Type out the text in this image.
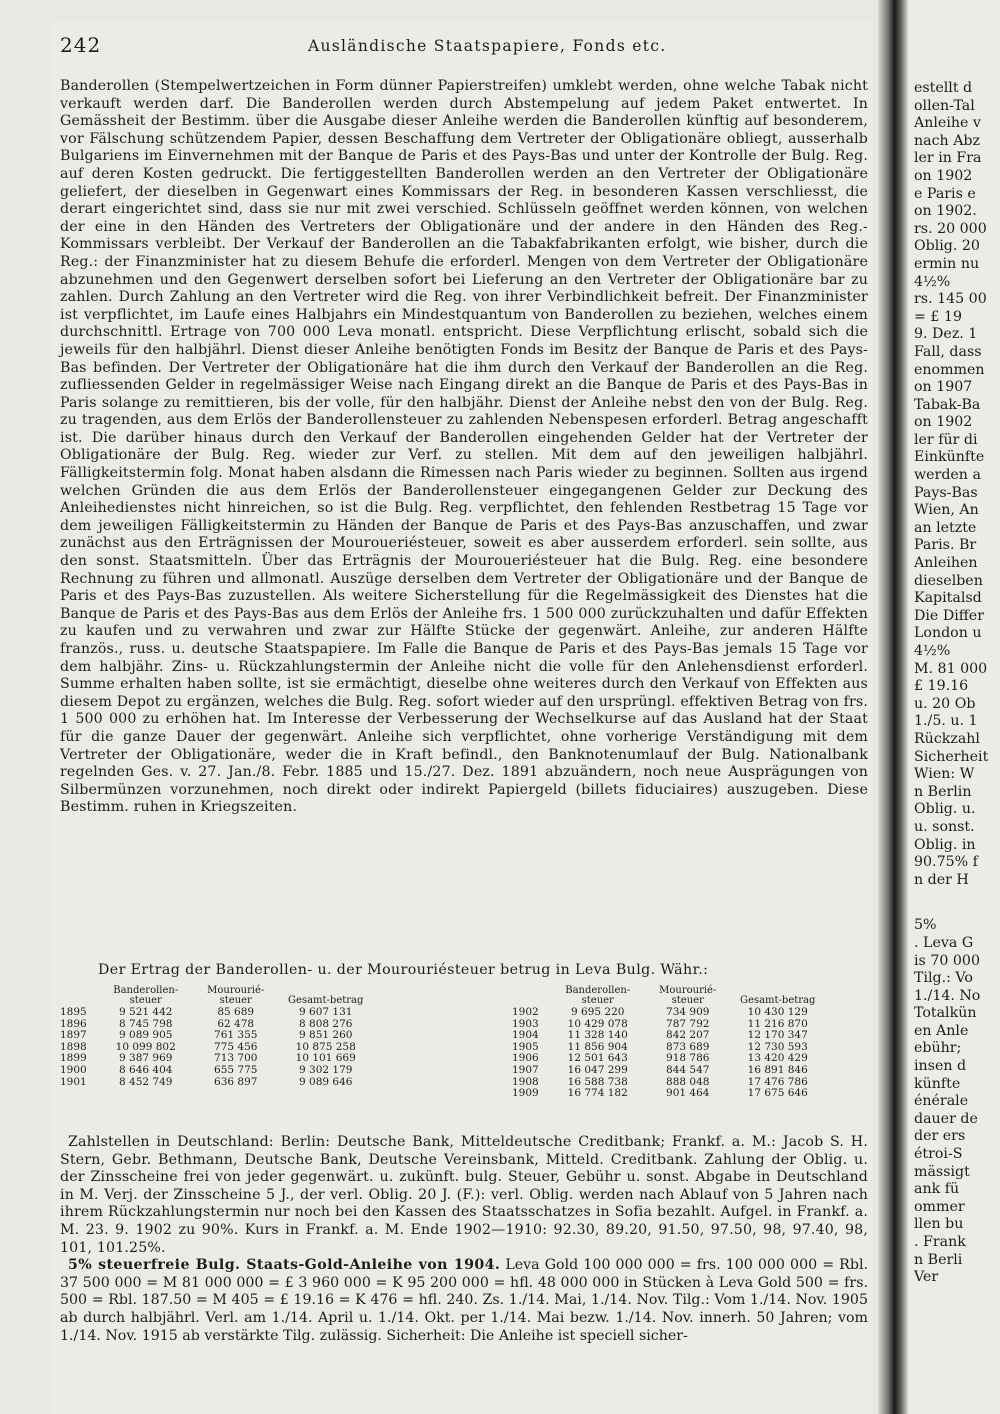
estellt d
ollen-Tal
Anleihe v
nach Abz
ler in Fra
on 1902
e Paris e
on 1902.
rs. 20 000
Oblig. 20
ermin nu
4½%
rs. 145 00
= £ 19
9. Dez. 1
Fall, dass
enommen
on 1907
Tabak-Ba
on 1902
ler für di
Einkünfte
werden a
Pays-Bas
Wien, An
an letzte
Paris. Br
Anleihen
dieselben
Kapitalsd
Die Differ
London u
4½%
M. 81 000
£ 19.16
u. 20 Ob
1./5. u. 1
Rückzahl
Sicherheit
Wien: W
n Berlin
Oblig. u.
u. sonst.
Oblig. in
90.75% f
n der H
5%
. Leva G
is 70 000
Tilg.: Vo
1./14. No
Totalkün
en Anle
ebühr;
insen d
künfte
énérale
dauer de
der ers
étroi-S
mässigt
ank fü
ommer
llen bu
. Frank
n Berli
Ver
242	Ausländische Staatspapiere, Fonds etc.

Banderollen (Stempelwertzeichen in Form dünner Papierstreifen) umklebt werden, ohne welche Tabak nicht verkauft werden darf. Die Banderollen werden durch Abstempelung auf jedem Paket entwertet. In Gemässheit der Bestimm. über die Ausgabe dieser Anleihe werden die Banderollen künftig auf besonderem, vor Fälschung schützendem Papier, dessen Beschaffung dem Vertreter der Obligationäre obliegt, ausserhalb Bulgariens im Einvernehmen mit der Banque de Paris et des Pays-Bas und unter der Kontrolle der Bulg. Reg. auf deren Kosten gedruckt. Die fertiggestellten Banderollen werden an den Vertreter der Obligationäre geliefert, der dieselben in Gegenwart eines Kommissars der Reg. in besonderen Kassen verschliesst, die derart eingerichtet sind, dass sie nur mit zwei verschied. Schlüsseln geöffnet werden können, von welchen der eine in den Händen des Vertreters der Obligationäre und der andere in den Händen des Reg.-Kommissars verbleibt. Der Verkauf der Banderollen an die Tabakfabrikanten erfolgt, wie bisher, durch die Reg.: der Finanzminister hat zu diesem Behufe die erforderl. Mengen von dem Vertreter der Obligationäre abzunehmen und den Gegenwert derselben sofort bei Lieferung an den Vertreter der Obligationäre bar zu zahlen. Durch Zahlung an den Vertreter wird die Reg. von ihrer Verbindlichkeit befreit. Der Finanzminister ist verpflichtet, im Laufe eines Halbjahrs ein Mindestquantum von Banderollen zu beziehen, welches einem durchschnittl. Ertrage von 700 000 Leva monatl. entspricht. Diese Verpflichtung erlischt, sobald sich die jeweils für den halbjährl. Dienst dieser Anleihe benötigten Fonds im Besitz der Banque de Paris et des Pays-Bas befinden. Der Vertreter der Obligationäre hat die ihm durch den Verkauf der Banderollen an die Reg. zufliessenden Gelder in regelmässiger Weise nach Eingang direkt an die Banque de Paris et des Pays-Bas in Paris solange zu remittieren, bis der volle, für den halbjähr. Dienst der Anleihe nebst den von der Bulg. Reg. zu tragenden, aus dem Erlös der Banderollensteuer zu zahlenden Nebenspesen erforderl. Betrag angeschafft ist. Die darüber hinaus durch den Verkauf der Banderollen eingehenden Gelder hat der Vertreter der Obligationäre der Bulg. Reg. wieder zur Verf. zu stellen. Mit dem auf den jeweiligen halbjährl. Fälligkeitstermin folg. Monat haben alsdann die Rimessen nach Paris wieder zu beginnen. Sollten aus irgend welchen Gründen die aus dem Erlös der Banderollensteuer eingegangenen Gelder zur Deckung des Anleihedienstes nicht hinreichen, so ist die Bulg. Reg. verpflichtet, den fehlenden Restbetrag 15 Tage vor dem jeweiligen Fälligkeitstermin zu Händen der Banque de Paris et des Pays-Bas anzuschaffen, und zwar zunächst aus den Erträgnissen der Mouroueriésteuer, soweit es aber ausserdem erforderl. sein sollte, aus den sonst. Staatsmitteln. Über das Erträgnis der Mouroueriésteuer hat die Bulg. Reg. eine besondere Rechnung zu führen und allmonatl. Auszüge derselben dem Vertreter der Obligationäre und der Banque de Paris et des Pays-Bas zuzustellen. Als weitere Sicherstellung für die Regelmässigkeit des Dienstes hat die Banque de Paris et des Pays-Bas aus dem Erlös der Anleihe frs. 1 500 000 zurückzuhalten und dafür Effekten zu kaufen und zu verwahren und zwar zur Hälfte Stücke der gegenwärt. Anleihe, zur anderen Hälfte französ., russ. u. deutsche Staatspapiere. Im Falle die Banque de Paris et des Pays-Bas jemals 15 Tage vor dem halbjähr. Zins- u. Rückzahlungstermin der Anleihe nicht die volle für den Anlehensdienst erforderl. Summe erhalten haben sollte, ist sie ermächtigt, dieselbe ohne weiteres durch den Verkauf von Effekten aus diesem Depot zu ergänzen, welches die Bulg. Reg. sofort wieder auf den ursprüngl. effektiven Betrag von frs. 1 500 000 zu erhöhen hat. Im Interesse der Verbesserung der Wechselkurse auf das Ausland hat der Staat für die ganze Dauer der gegenwärt. Anleihe sich verpflichtet, ohne vorherige Verständigung mit dem Vertreter der Obligationäre, weder die in Kraft befindl., den Banknotenumlauf der Bulg. Nationalbank regelnden Ges. v. 27. Jan./8. Febr. 1885 und 15./27. Dez. 1891 abzuändern, noch neue Ausprägungen von Silbermünzen vorzunehmen, noch direkt oder indirekt Papiergeld (billets fiduciaires) auszugeben. Diese Bestimm. ruhen in Kriegszeiten.

Der Ertrag der Banderollen- u. der Mourouriésteuer betrug in Leva Bulg. Währ.:

	Banderollen-steuer	Mourourié-steuer	Gesamt-betrag

1895	9 521 442	85 689	9 607 131
1896	8 745 798	62 478	8 808 276
1897	9 089 905	761 355	9 851 260
1898	10 099 802	775 456	10 875 258
1899	9 387 969	713 700	10 101 669
1900	8 646 404	655 775	9 302 179
1901	8 452 749	636 897	9 089 646

	Banderollen-steuer	Mourourié-steuer	Gesamt-betrag

1902	9 695 220	734 909	10 430 129
1903	10 429 078	787 792	11 216 870
1904	11 328 140	842 207	12 170 347
1905	11 856 904	873 689	12 730 593
1906	12 501 643	918 786	13 420 429
1907	16 047 299	844 547	16 891 846
1908	16 588 738	888 048	17 476 786
1909	16 774 182	901 464	17 675 646

Zahlstellen in Deutschland: Berlin: Deutsche Bank, Mitteldeutsche Creditbank; Frankf. a. M.: Jacob S. H. Stern, Gebr. Bethmann, Deutsche Bank, Deutsche Vereinsbank, Mitteld. Creditbank. Zahlung der Oblig. u. der Zinsscheine frei von jeder gegenwärt. u. zukünft. bulg. Steuer, Gebühr u. sonst. Abgabe in Deutschland in M. Verj. der Zinsscheine 5 J., der verl. Oblig. 20 J. (F.): verl. Oblig. werden nach Ablauf von 5 Jahren nach ihrem Rückzahlungstermin nur noch bei den Kassen des Staatsschatzes in Sofia bezahlt. Aufgel. in Frankf. a. M. 23. 9. 1902 zu 90%. Kurs in Frankf. a. M. Ende 1902—1910: 92.30, 89.20, 91.50, 97.50, 98, 97.40, 98, 101, 101.25%.

5% steuerfreie Bulg. Staats-Gold-Anleihe von 1904. Leva Gold 100 000 000 = frs. 100 000 000 = Rbl. 37 500 000 = M 81 000 000 = £ 3 960 000 = K 95 200 000 = hfl. 48 000 000 in Stücken à Leva Gold 500 = frs. 500 = Rbl. 187.50 = M 405 = £ 19.16 = K 476 = hfl. 240. Zs. 1./14. Mai, 1./14. Nov. Tilg.: Vom 1./14. Nov. 1905 ab durch halbjährl. Verl. am 1./14. April u. 1./14. Okt. per 1./14. Mai bezw. 1./14. Nov. innerh. 50 Jahren; vom 1./14. Nov. 1915 ab verstärkte Tilg. zulässig. Sicherheit: Die Anleihe ist speciell sicher-
